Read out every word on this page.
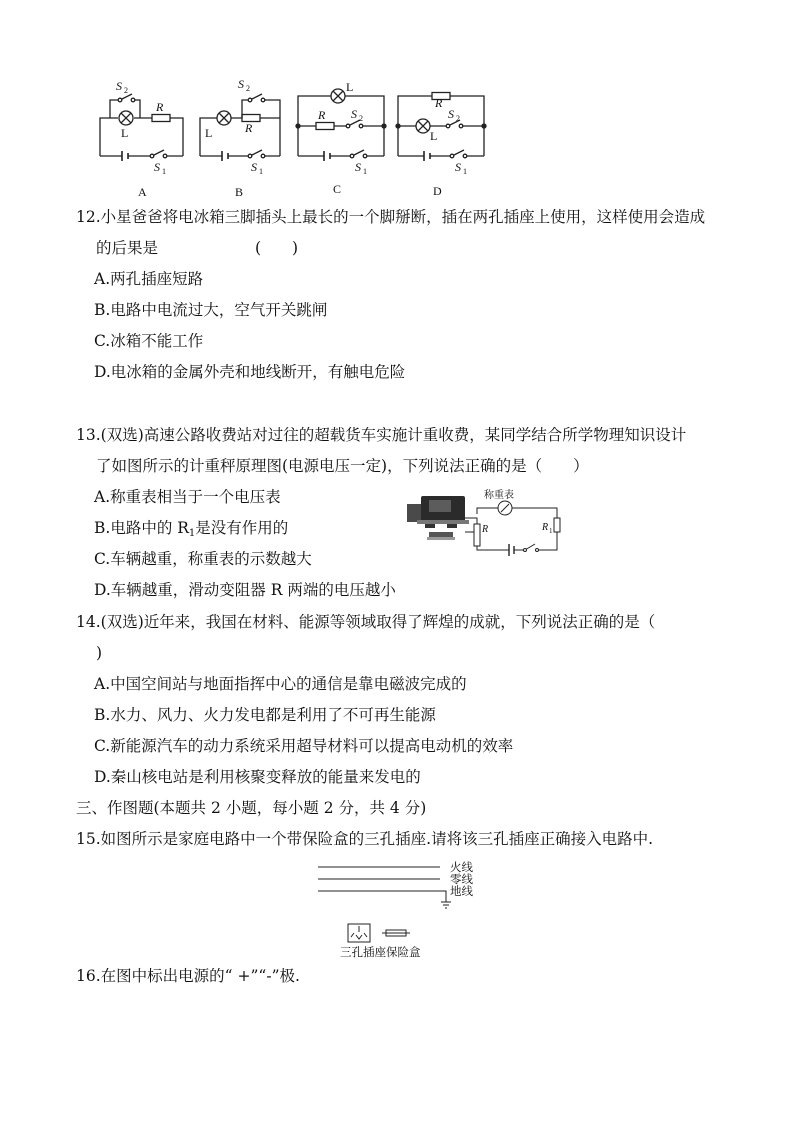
S 2
L
R
S 1
A
S 2
L	R
S 1
B
L
R S 2
S 1
C
R
S 2
L
S 1
D
12.小星爸爸将电冰箱三脚插头上最长的一个脚掰断，插在两孔插座上使用，这样使用会造成
的后果是	(　　)
A.两孔插座短路
B.电路中电流过大，空气开关跳闸
C.冰箱不能工作
D.电冰箱的金属外壳和地线断开，有触电危险
13.(双选)高速公路收费站对过往的超载货车实施计重收费，某同学结合所学物理知识设计
了如图所示的计重秤原理图(电源电压一定)，下列说法正确的是（　　）
A.称重表相当于一个电压表
B.电路中的 $R_1$是没有作用的
C.车辆越重，称重表的示数越大
D.车辆越重，滑动变阻器 R 两端的电压越小
称重表
R	R 1
14.(双选)近年来，我国在材料、能源等领域取得了辉煌的成就，下列说法正确的是（
)
A.中国空间站与地面指挥中心的通信是靠电磁波完成的
B.水力、风力、火力发电都是利用了不可再生能源
C.新能源汽车的动力系统采用超导材料可以提高电动机的效率
D.秦山核电站是利用核聚变释放的能量来发电的
三、作图题(本题共 2 小题，每小题 2 分，共 4 分)
15.如图所示是家庭电路中一个带保险盒的三孔插座.请将该三孔插座正确接入电路中.
火线
零线
地线
三孔插座 保险盒
16.在图中标出电源的“ +”“-”极.
